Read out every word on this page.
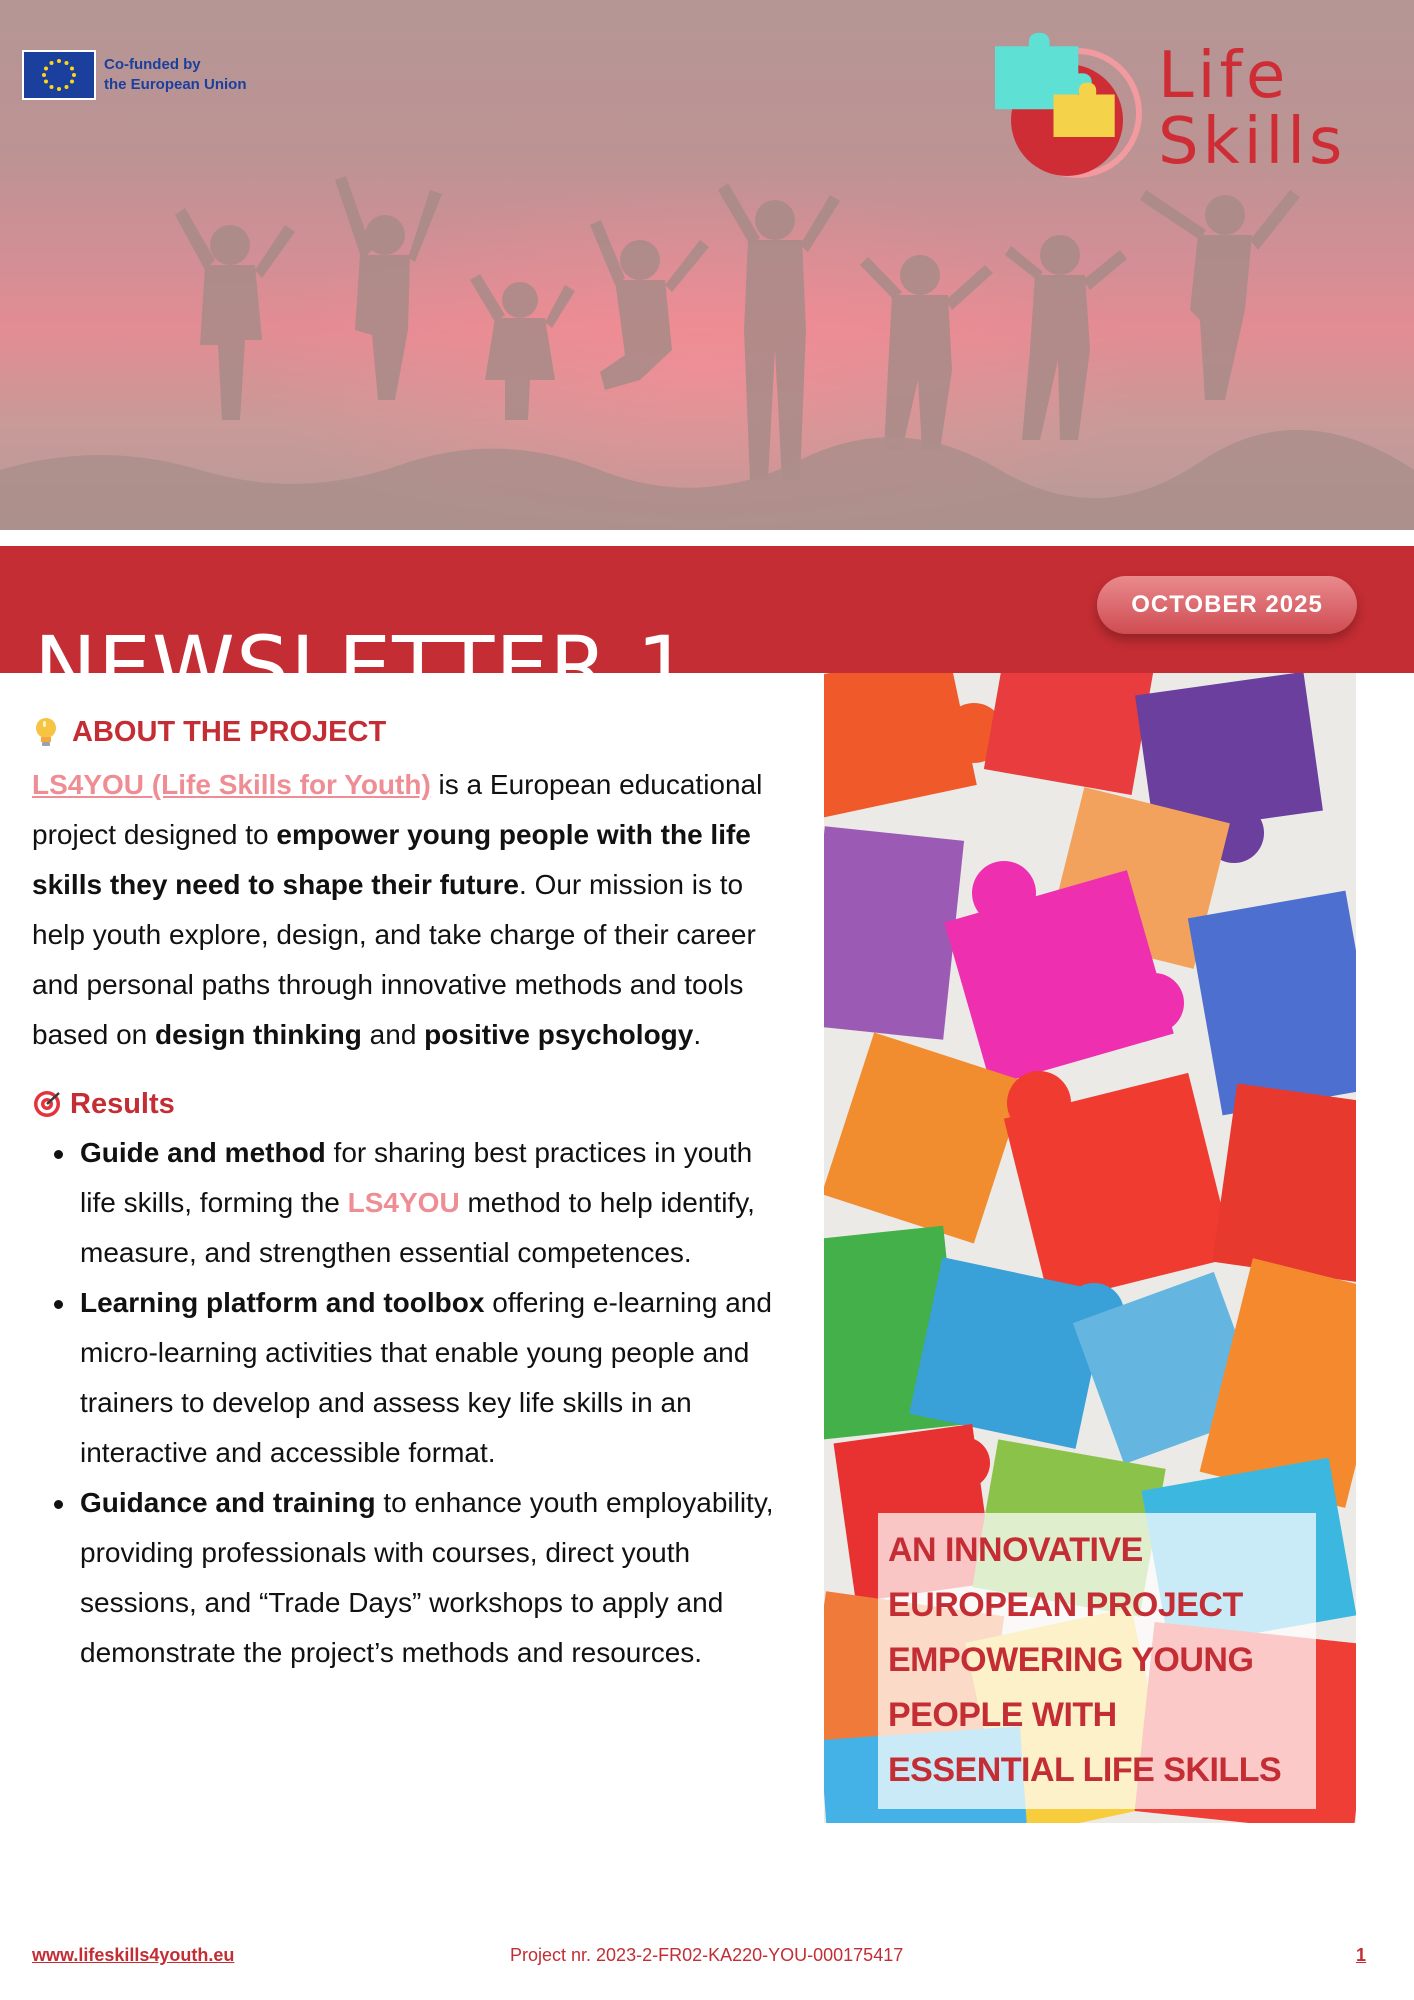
Co-funded by
the European Union	Life
Skills
NEWSLETTER 1
OCTOBER 2025
ABOUT THE PROJECT

LS4YOU (Life Skills for Youth) is a European educational project designed to empower young people with the life skills they need to shape their future. Our mission is to help youth explore, design, and take charge of their career and personal paths through innovative methods and tools based on design thinking and positive psychology.

Results
Guide and method for sharing best practices in youth life skills, forming the LS4YOU method to help identify, measure, and strengthen essential competences.
Learning platform and toolbox offering e-learning and micro-learning activities that enable young people and trainers to develop and assess key life skills in an interactive and accessible format.
Guidance and training to enhance youth employability, providing professionals with courses, direct youth sessions, and “Trade Days” workshops to apply and demonstrate the project’s methods and resources.
AN INNOVATIVE
EUROPEAN PROJECT
EMPOWERING YOUNG
PEOPLE WITH
ESSENTIAL LIFE SKILLS
www.lifeskills4youth.eu	Project nr. 2023-2-FR02-KA220-YOU-000175417	1
